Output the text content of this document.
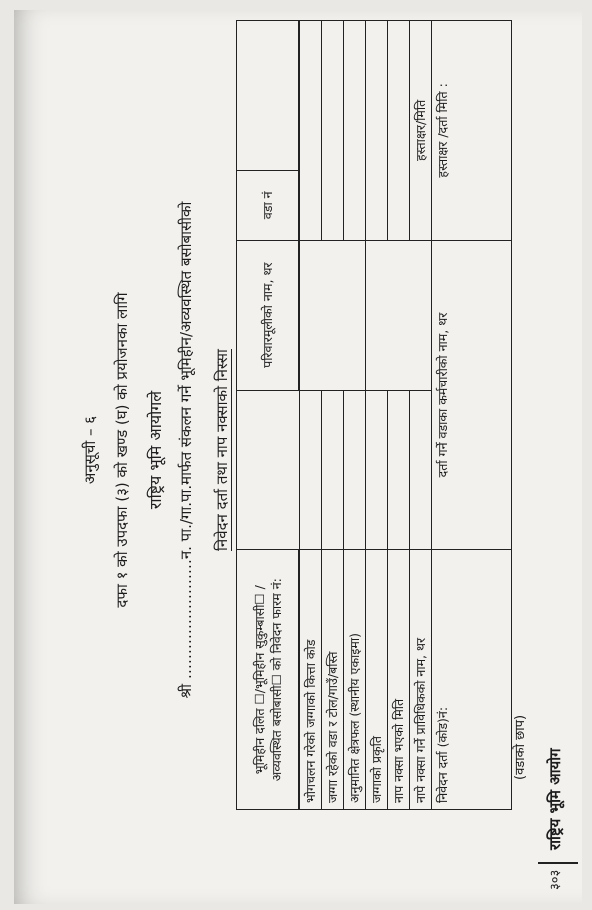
अनुसूची – ६ दफा १ को उपदफा (३) को खण्ड (घ) को प्रयोजनका लागि राष्ट्रिय भूमि आयोगले श्री ……………………न. पा./गा.पा.मार्फत संकलन गर्ने भूमिहीन/अव्यवस्थित बसोबासीको निवेदन दर्ता तथा नाप नक्साको निस्सा
भूमिहीन दलित ☐/भूमिहीन सुकुम्बासी☐ / अव्यवस्थित बसोबासी☐ को निवेदन फारम नं:		परिवारमूलीको नाम, थर	वडा नं	

भोगचलन गरेको जग्गाको कित्ता कोड				
जग्गा रहेको वडा र टोल/गाउँ/बस्ति				
अनुमानित क्षेत्रफल (स्थानीय एकाइमा)				
जग्गाको प्रकृति				
नाप नक्सा भएको मिति				
नापे नक्सा गर्ने प्राविधिकको नाम, थर			हस्ताक्षर/मिति	
निवेदन दर्ता (कोड)नं:	दर्ता गर्ने वडाका कर्मचारीको नाम, थर		हस्ताक्षर /दर्ता मिति :	
(वडाको छाप)
३०३
राष्ट्रिय भूमि आयोग
